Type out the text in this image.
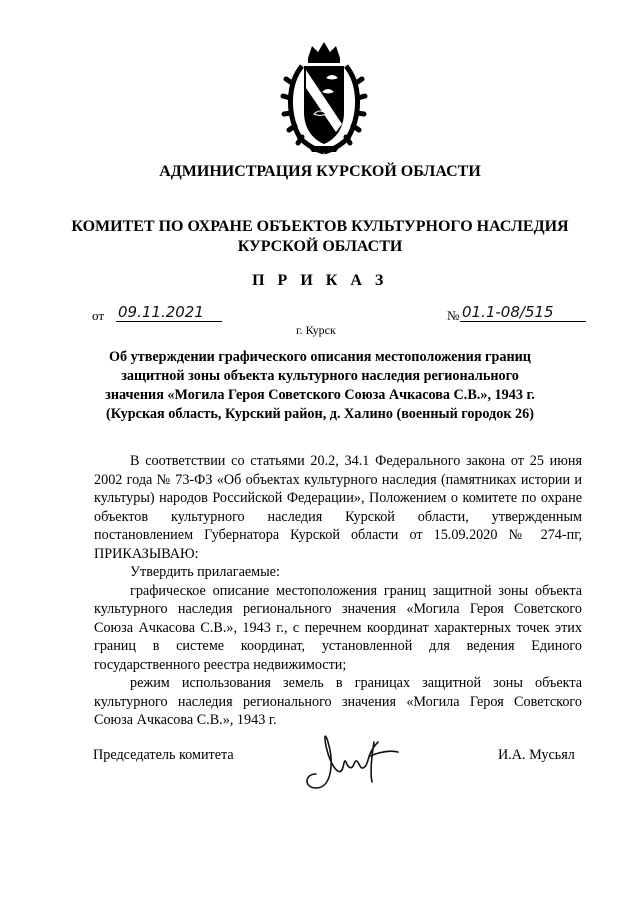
АДМИНИСТРАЦИЯ КУРСКОЙ ОБЛАСТИ
КОМИТЕТ ПО ОХРАНЕ ОБЪЕКТОВ КУЛЬТУРНОГО НАСЛЕДИЯ
КУРСКОЙ ОБЛАСТИ
П Р И К А З
от 09.11.2021	№ 01.1-08/515
г. Курск
Об утверждении графического описания местоположения границ
защитной зоны объекта культурного наследия регионального
значения «Могила Героя Советского Союза Ачкасова С.В.», 1943 г.
(Курская область, Курский район, д. Халино (военный городок 26)

В соответствии со статьями 20.2, 34.1 Федерального закона от 25 июня 2002 года № 73-ФЗ «Об объектах культурного наследия (памятниках истории и культуры) народов Российской Федерации», Положением о комитете по охране объектов культурного наследия Курской области, утвержденным постановлением Губернатора Курской области от 15.09.2020 № 274-пг, ПРИКАЗЫВАЮ:

Утвердить прилагаемые:

графическое описание местоположения границ защитной зоны объекта культурного наследия регионального значения «Могила Героя Советского Союза Ачкасова С.В.», 1943 г., с перечнем координат характерных точек этих границ в системе координат, установленной для ведения Единого государственного реестра недвижимости;

режим использования земель в границах защитной зоны объекта культурного наследия регионального значения «Могила Героя Советского Союза Ачкасова С.В.», 1943 г.

Председатель комитета	И.А. Мусьял
